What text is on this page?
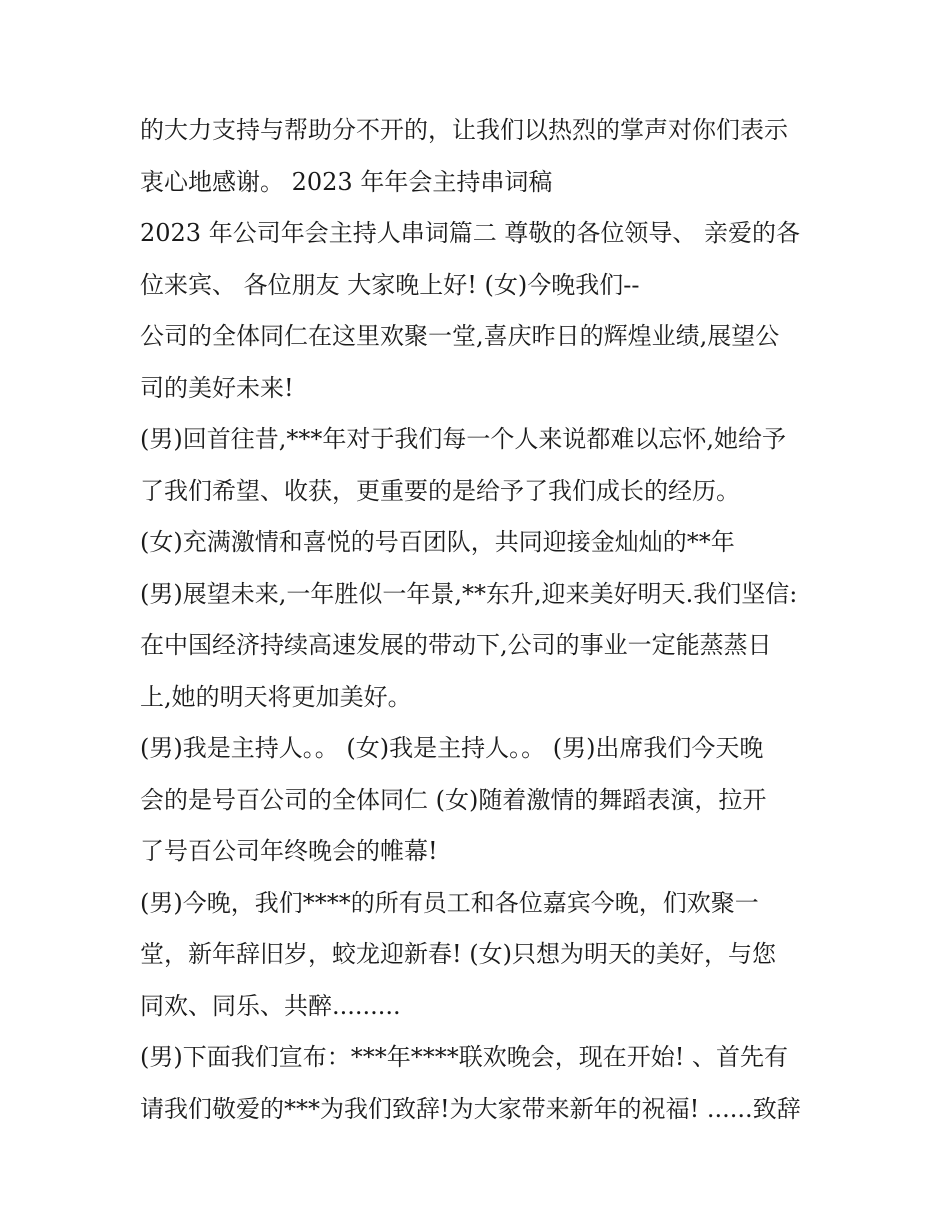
的大力支持与帮助分不开的，让我们以热烈的掌声对你们表示
衷心地感谢。 2023 年年会主持串词稿
2023 年公司年会主持人串词篇二 尊敬的各位领导、 亲爱的各
位来宾、 各位朋友 大家晚上好! (女)今晚我们--
公司的全体同仁在这里欢聚一堂,喜庆昨日的辉煌业绩,展望公
司的美好未来!
(男)回首往昔,***年对于我们每一个人来说都难以忘怀,她给予
了我们希望、收获，更重要的是给予了我们成长的经历。
(女)充满激情和喜悦的号百团队，共同迎接金灿灿的**年
(男)展望未来,一年胜似一年景,**东升,迎来美好明天.我们坚信:
在中国经济持续高速发展的带动下,公司的事业一定能蒸蒸日
上,她的明天将更加美好。
(男)我是主持人。。 (女)我是主持人。。 (男)出席我们今天晚
会的是号百公司的全体同仁 (女)随着激情的舞蹈表演，拉开
了号百公司年终晚会的帷幕!
(男)今晚，我们****的所有员工和各位嘉宾今晚，们欢聚一
堂，新年辞旧岁，蛟龙迎新春! (女)只想为明天的美好，与您
同欢、同乐、共醉.........
(男)下面我们宣布：***年****联欢晚会，现在开始! 、首先有
请我们敬爱的***为我们致辞!为大家带来新年的祝福! ......致辞
